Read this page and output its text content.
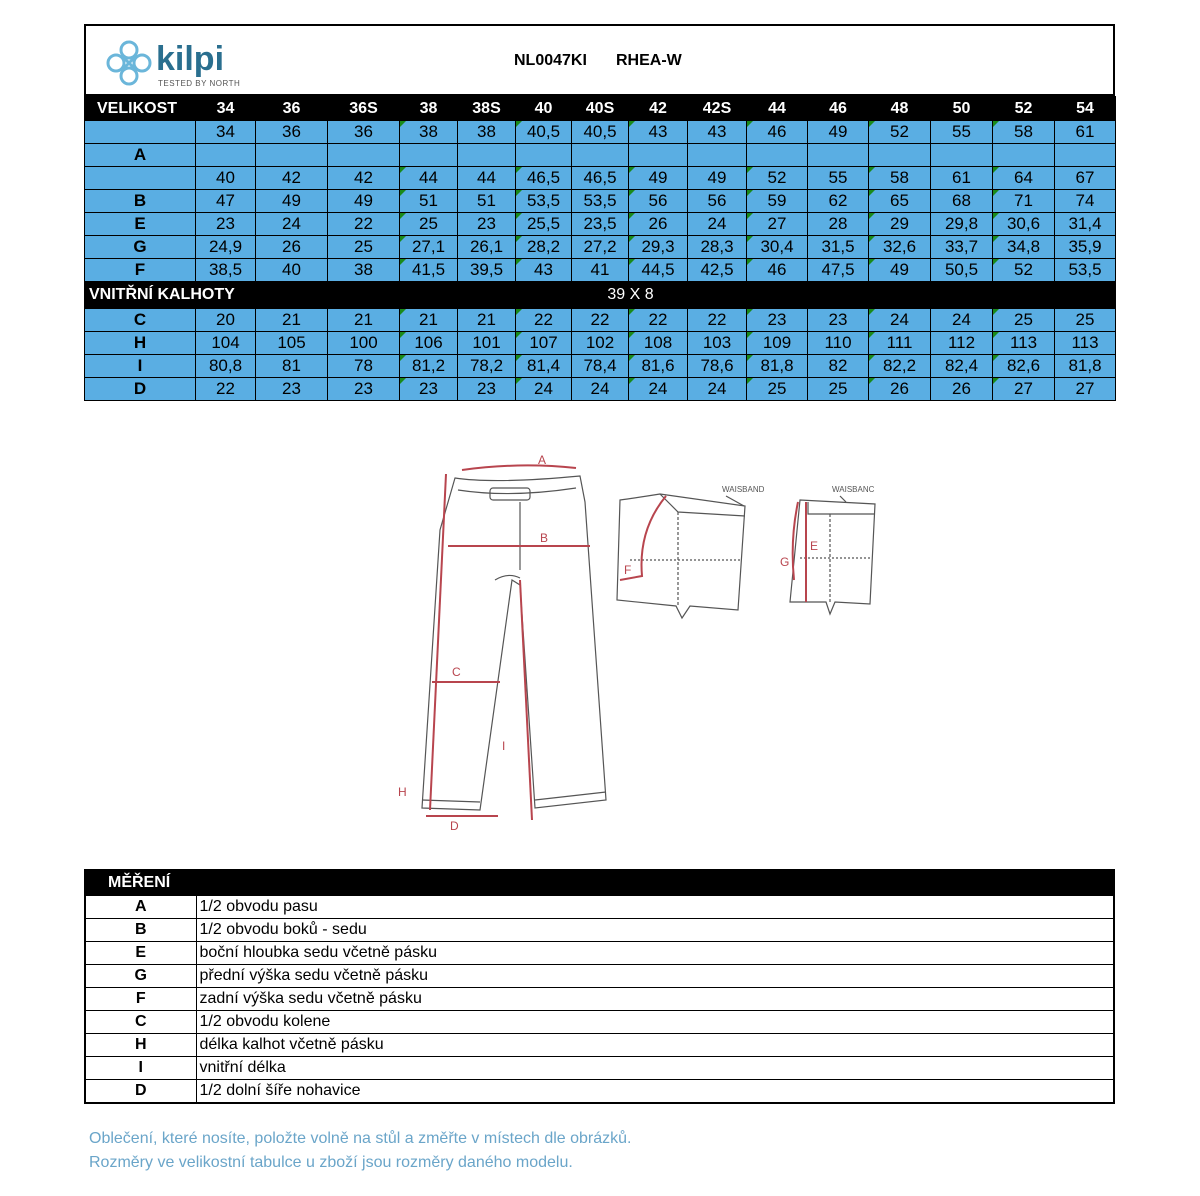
kilpi
TESTED BY NORTH
NL0047KI RHEA-W
VELIKOST	34	36	36S	38	38S	40	40S	42	42S	44	46	48	50	52	54
	34	36	36	38	38	40,5	40,5	43	43	46	49	52	55	58	61
A															
	40	42	42	44	44	46,5	46,5	49	49	52	55	58	61	64	67
B	47	49	49	51	51	53,5	53,5	56	56	59	62	65	68	71	74
E	23	24	22	25	23	25,5	23,5	26	24	27	28	29	29,8	30,6	31,4
G	24,9	26	25	27,1	26,1	28,2	27,2	29,3	28,3	30,4	31,5	32,6	33,7	34,8	35,9
F	38,5	40	38	41,5	39,5	43	41	44,5	42,5	46	47,5	49	50,5	52	53,5
VNITŘNÍ KALHOTY		39 X 8													
C	20	21	21	21	21	22	22	22	22	23	23	24	24	25	25
H	104	105	100	106	101	107	102	108	103	109	110	111	112	113	113
I	80,8	81	78	81,2	78,2	81,4	78,4	81,6	78,6	81,8	82	82,2	82,4	82,6	81,8
D	22	23	23	23	23	24	24	24	24	25	25	26	26	27	27
A
B
C
D
H
I
F
E
G
WAISBAND	WAISBANC
MĚŘENÍ	
A	1/2 obvodu pasu
B	1/2 obvodu boků - sedu
E	boční hloubka sedu včetně pásku
G	přední výška sedu včetně pásku
F	zadní výška sedu včetně pásku
C	1/2 obvodu kolene
H	délka kalhot včetně pásku
I	vnitřní délka
D	1/2 dolní šíře nohavice
Oblečení, které nosíte, položte volně na stůl a změřte v místech dle obrázků.
Rozměry ve velikostní tabulce u zboží jsou rozměry daného modelu.
